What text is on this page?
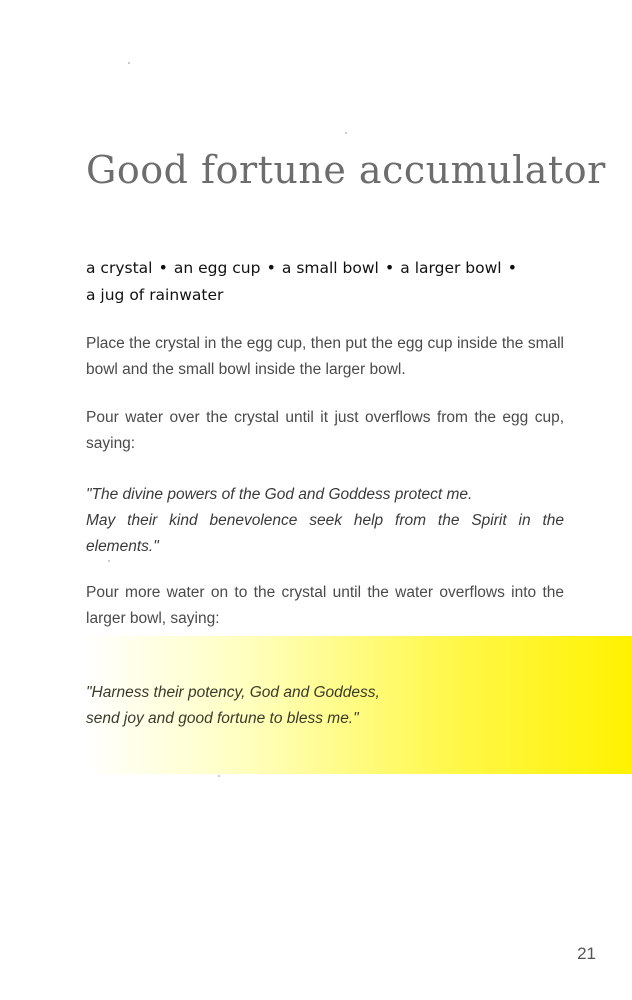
Good fortune accumulator
a crystal • an egg cup • a small bowl • a larger bowl •
a jug of rainwater

Place the crystal in the egg cup, then put the egg cup inside the small bowl and the small bowl inside the larger bowl.

Pour water over the crystal until it just overflows from the egg cup, saying:

"The divine powers of the God and Goddess protect me.
May their kind benevolence seek help from the Spirit in the elements."

Pour more water on to the crystal until the water overflows into the larger bowl, saying:

"Harness their potency, God and Goddess,
send joy and good fortune to bless me."
21
